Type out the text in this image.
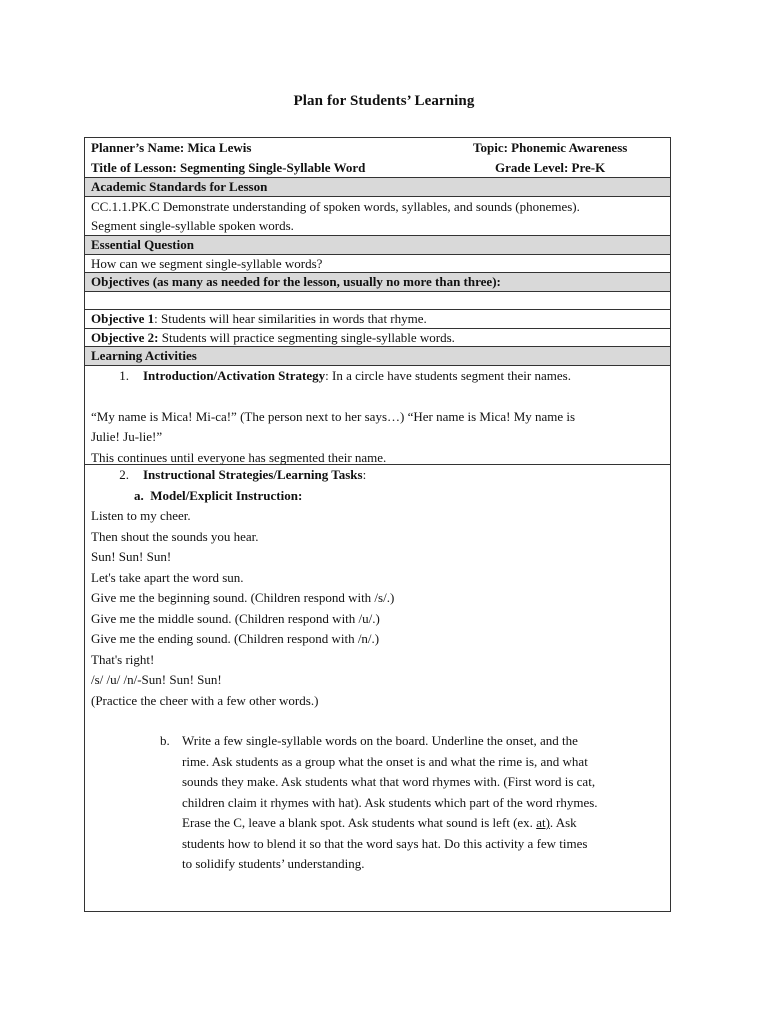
Plan for Students’ Learning
Planner’s Name: Mica Lewis	Topic: Phonemic Awareness
Title of Lesson: Segmenting Single-Syllable Word	Grade Level: Pre-K
Academic Standards for Lesson
CC.1.1.PK.C Demonstrate understanding of spoken words, syllables, and sounds (phonemes).
Segment single-syllable spoken words.
Essential Question
How can we segment single-syllable words?
Objectives (as many as needed for the lesson, usually no more than three):
Objective 1: Students will hear similarities in words that rhyme.
Objective 2: Students will practice segmenting single-syllable words.
Learning Activities
1. Introduction/Activation Strategy: In a circle have students segment their names.
“My name is Mica! Mi-ca!” (The person next to her says…) “Her name is Mica! My name is
Julie! Ju-lie!”
This continues until everyone has segmented their name.
2. Instructional Strategies/Learning Tasks:
a. Model/Explicit Instruction:
Listen to my cheer.
Then shout the sounds you hear.
Sun! Sun! Sun!
Let's take apart the word sun.
Give me the beginning sound. (Children respond with /s/.)
Give me the middle sound. (Children respond with /u/.)
Give me the ending sound. (Children respond with /n/.)
That's right!
/s/ /u/ /n/-Sun! Sun! Sun!
(Practice the cheer with a few other words.)
b. Write a few single-syllable words on the board. Underline the onset, and the
rime. Ask students as a group what the onset is and what the rime is, and what
sounds they make. Ask students what that word rhymes with. (First word is cat,
children claim it rhymes with hat). Ask students which part of the word rhymes.
Erase the C, leave a blank spot. Ask students what sound is left (ex. at). Ask
students how to blend it so that the word says hat. Do this activity a few times
to solidify students’ understanding.
